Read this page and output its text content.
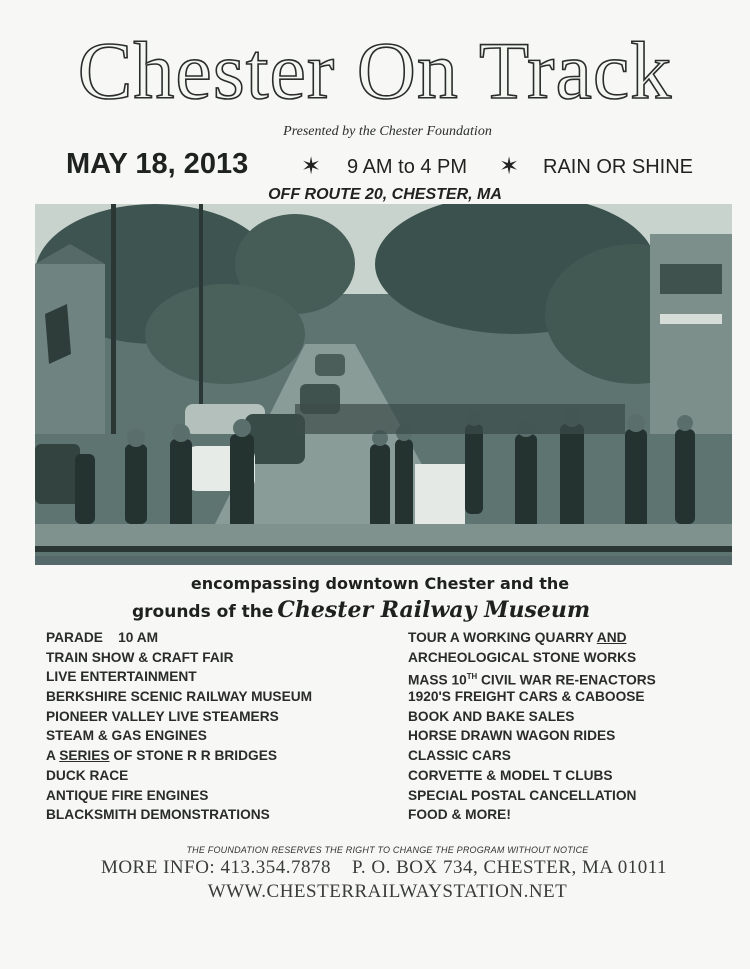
Chester On Track
Presented by the Chester Foundation
MAY 18, 2013 ✶ 9 AM to 4 PM ✶ RAIN OR SHINE
OFF ROUTE 20, CHESTER, MA
encompassing downtown Chester and the
grounds of the Chester Railway Museum
PARADE    10 AM
TRAIN SHOW & CRAFT FAIR
LIVE ENTERTAINMENT
BERKSHIRE SCENIC RAILWAY MUSEUM
PIONEER VALLEY LIVE STEAMERS
STEAM & GAS ENGINES
A SERIES OF STONE R R BRIDGES
DUCK RACE
ANTIQUE FIRE ENGINES
BLACKSMITH DEMONSTRATIONS
TOUR A WORKING QUARRY AND
ARCHEOLOGICAL STONE WORKS
MASS 10TH CIVIL WAR RE-ENACTORS
1920'S FREIGHT CARS & CABOOSE
BOOK AND BAKE SALES
HORSE DRAWN WAGON RIDES
CLASSIC CARS
CORVETTE & MODEL T CLUBS
SPECIAL POSTAL CANCELLATION
FOOD & MORE!
THE FOUNDATION RESERVES THE RIGHT TO CHANGE THE PROGRAM WITHOUT NOTICE
MORE INFO: 413.354.7878    P. O. BOX 734, CHESTER, MA 01011
WWW.CHESTERRAILWAYSTATION.NET
